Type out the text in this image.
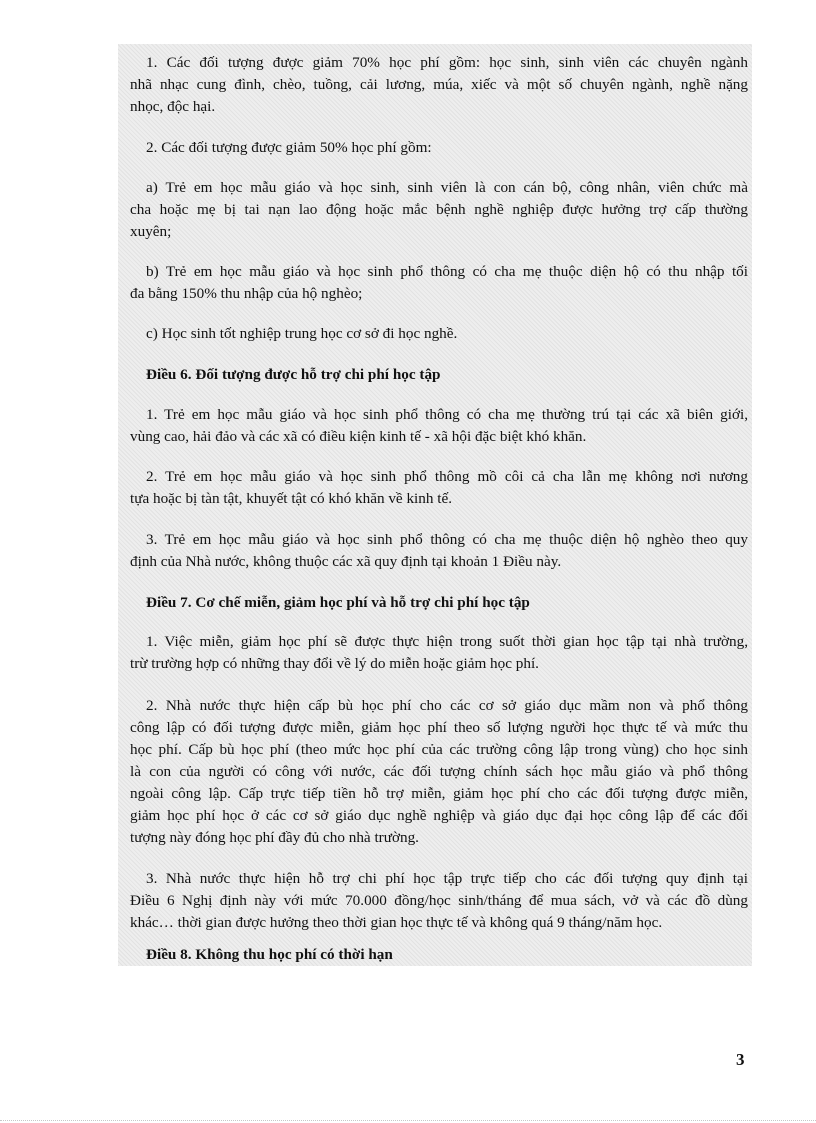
1. Các đối tượng được giảm 70% học phí gồm: học sinh, sinh viên các chuyên ngành
nhã nhạc cung đình, chèo, tuồng, cải lương, múa, xiếc và một số chuyên ngành, nghề nặng
nhọc, độc hại.
2. Các đối tượng được giảm 50% học phí gồm:
a) Trẻ em học mẫu giáo và học sinh, sinh viên là con cán bộ, công nhân, viên chức mà
cha hoặc mẹ bị tai nạn lao động hoặc mắc bệnh nghề nghiệp được hưởng trợ cấp thường
xuyên;
b) Trẻ em học mẫu giáo và học sinh phổ thông có cha mẹ thuộc diện hộ có thu nhập tối
đa bằng 150% thu nhập của hộ nghèo;
c) Học sinh tốt nghiệp trung học cơ sở đi học nghề.
Điều 6. Đối tượng được hỗ trợ chi phí học tập
1. Trẻ em học mẫu giáo và học sinh phổ thông có cha mẹ thường trú tại các xã biên giới,
vùng cao, hải đảo và các xã có điều kiện kinh tế - xã hội đặc biệt khó khăn.
2. Trẻ em học mẫu giáo và học sinh phổ thông mồ côi cả cha lẫn mẹ không nơi nương
tựa hoặc bị tàn tật, khuyết tật có khó khăn về kinh tế.
3. Trẻ em học mẫu giáo và học sinh phổ thông có cha mẹ thuộc diện hộ nghèo theo quy
định của Nhà nước, không thuộc các xã quy định tại khoản 1 Điều này.
Điều 7. Cơ chế miễn, giảm học phí và hỗ trợ chi phí học tập
1. Việc miễn, giảm học phí sẽ được thực hiện trong suốt thời gian học tập tại nhà trường,
trừ trường hợp có những thay đổi về lý do miễn hoặc giảm học phí.
2. Nhà nước thực hiện cấp bù học phí cho các cơ sở giáo dục mầm non và phổ thông
công lập có đối tượng được miễn, giảm học phí theo số lượng người học thực tế và mức thu
học phí. Cấp bù học phí (theo mức học phí của các trường công lập trong vùng) cho học sinh
là con của người có công với nước, các đối tượng chính sách học mẫu giáo và phổ thông
ngoài công lập. Cấp trực tiếp tiền hỗ trợ miễn, giảm học phí cho các đối tượng được miễn,
giảm học phí học ở các cơ sở giáo dục nghề nghiệp và giáo dục đại học công lập để các đối
tượng này đóng học phí đầy đủ cho nhà trường.
3. Nhà nước thực hiện hỗ trợ chi phí học tập trực tiếp cho các đối tượng quy định tại
Điều 6 Nghị định này với mức 70.000 đồng/học sinh/tháng để mua sách, vở và các đồ dùng
khác… thời gian được hưởng theo thời gian học thực tế và không quá 9 tháng/năm học.
Điều 8. Không thu học phí có thời hạn
3
